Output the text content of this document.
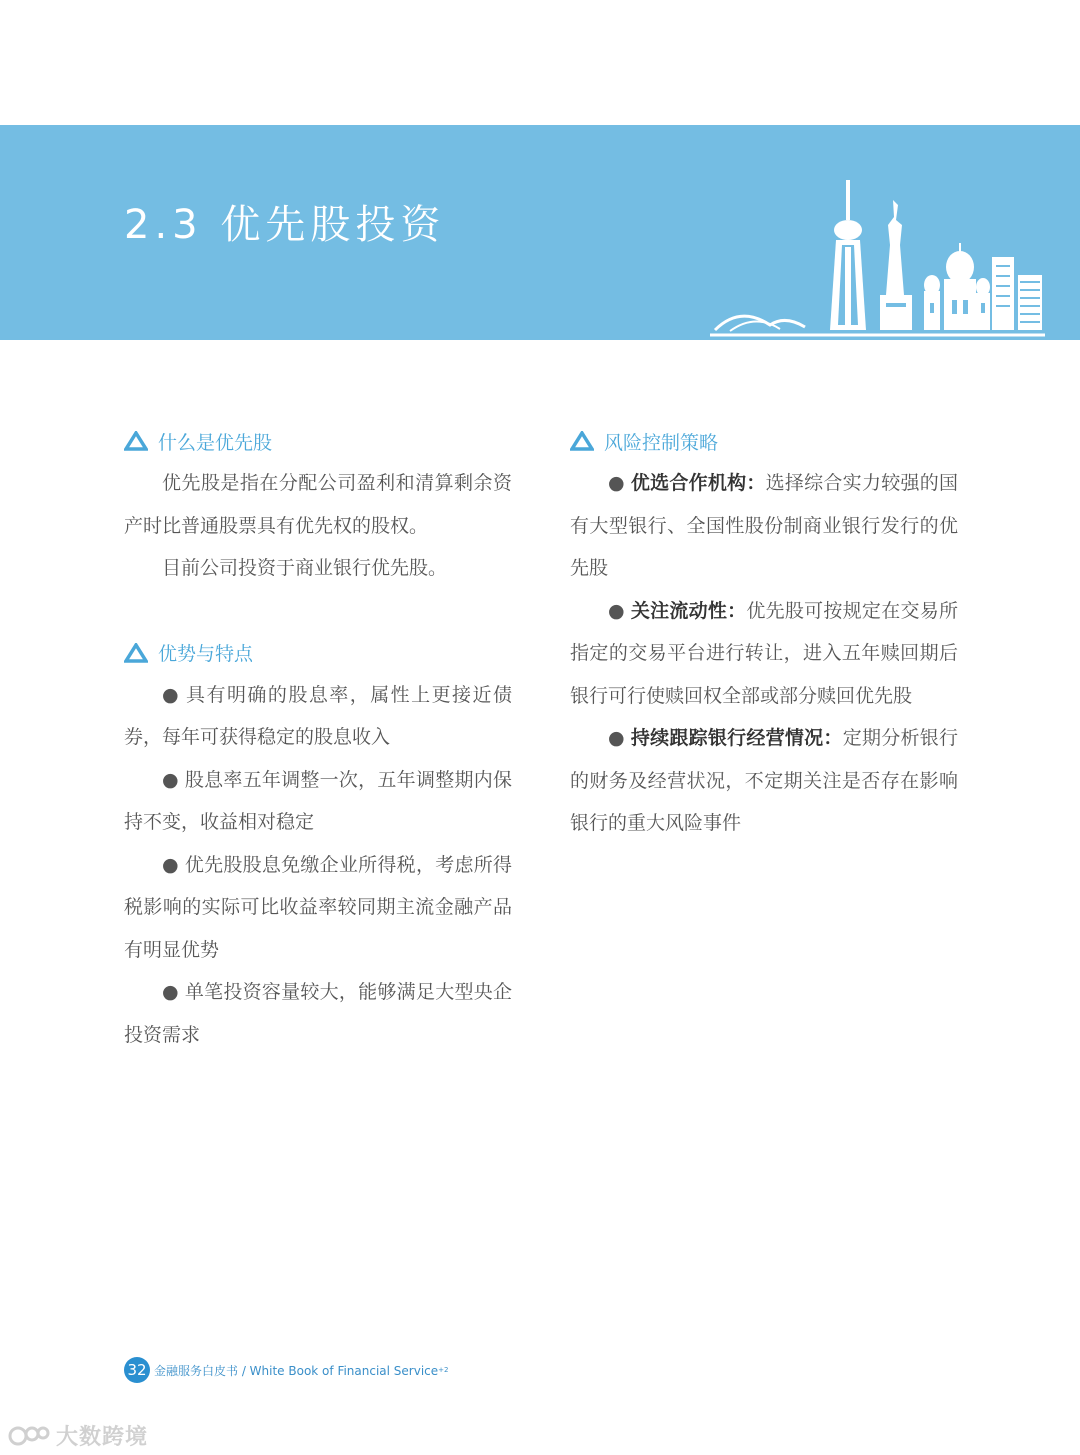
2.3 优先股投资
什么是优先股

优先股是指在分配公司盈利和清算剩余资产时比普通股票具有优先权的股权。

目前公司投资于商业银行优先股。

优势与特点

● 具有明确的股息率，属性上更接近债券，每年可获得稳定的股息收入

● 股息率五年调整一次，五年调整期内保持不变，收益相对稳定

● 优先股股息免缴企业所得税，考虑所得税影响的实际可比收益率较同期主流金融产品有明显优势

● 单笔投资容量较大，能够满足大型央企投资需求

风险控制策略

● 优选合作机构：选择综合实力较强的国有大型银行、全国性股份制商业银行发行的优先股

● 关注流动性：优先股可按规定在交易所指定的交易平台进行转让，进入五年赎回期后银行可行使赎回权全部或部分赎回优先股

● 持续跟踪银行经营情况：定期分析银行的财务及经营状况，不定期关注是否存在影响银行的重大风险事件

32 金融服务白皮书 / White Book of Financial Service +2
大数跨境
